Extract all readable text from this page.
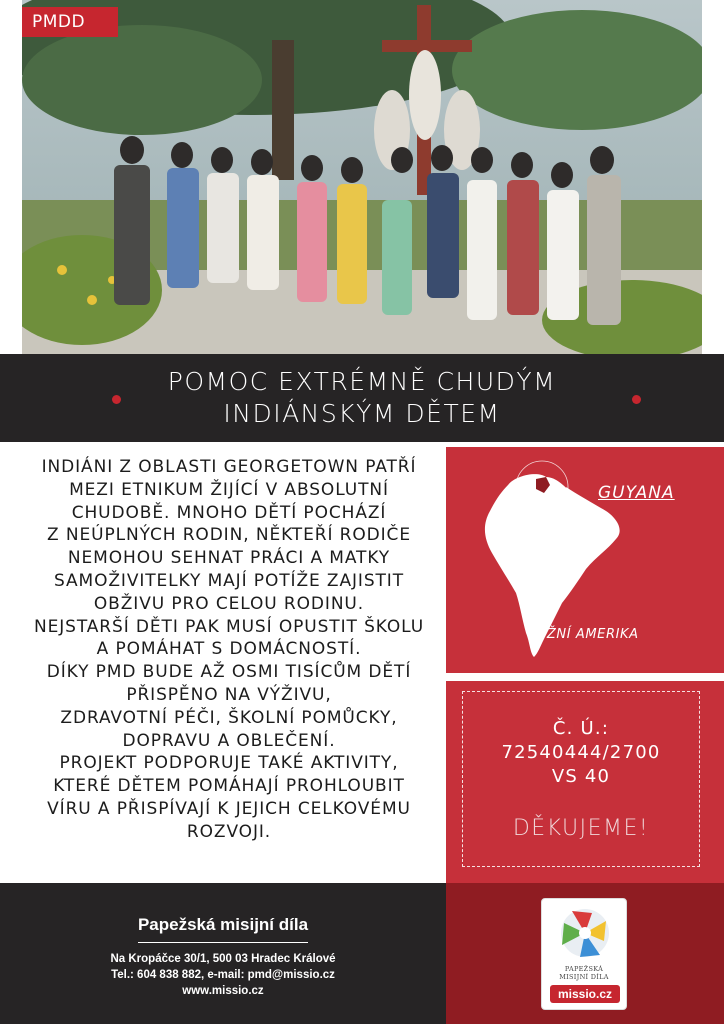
PMDD
POMOC EXTRÉMNĚ CHUDÝM
INDIÁNSKÝM DĚTEM
INDIÁNI Z OBLASTI GEORGETOWN PATŘÍ
MEZI ETNIKUM ŽIJÍCÍ V ABSOLUTNÍ
CHUDOBĚ. MNOHO DĚTÍ POCHÁZÍ
Z NEÚPLNÝCH RODIN, NĚKTEŘÍ RODIČE
NEMOHOU SEHNAT PRÁCI A MATKY
SAMOŽIVITELKY MAJÍ POTÍŽE ZAJISTIT
OBŽIVU PRO CELOU RODINU.
NEJSTARŠÍ DĚTI PAK MUSÍ OPUSTIT ŠKOLU
A POMÁHAT S DOMÁCNOSTÍ.
DÍKY PMD BUDE AŽ OSMI TISÍCŮM DĚTÍ
PŘISPĚNO NA VÝŽIVU,
ZDRAVOTNÍ PÉČI, ŠKOLNÍ POMŮCKY,
DOPRAVU A OBLEČENÍ.
PROJEKT PODPORUJE TAKÉ AKTIVITY,
KTERÉ DĚTEM POMÁHAJÍ PROHLOUBIT
VÍRU A PŘISPÍVAJÍ K JEJICH CELKOVÉMU
ROZVOJI.
GUYANA
JIŽNÍ AMERIKA
Č. Ú.:
72540444/2700
VS 40
DĚKUJEME!
Papežská misijní díla
Na Kropáčce 30/1, 500 03 Hradec Králové
Tel.: 604 838 882, e-mail: pmd@missio.cz
www.missio.cz
PAPEŽSKÁ
MISIJNÍ DÍLA
missio.cz
